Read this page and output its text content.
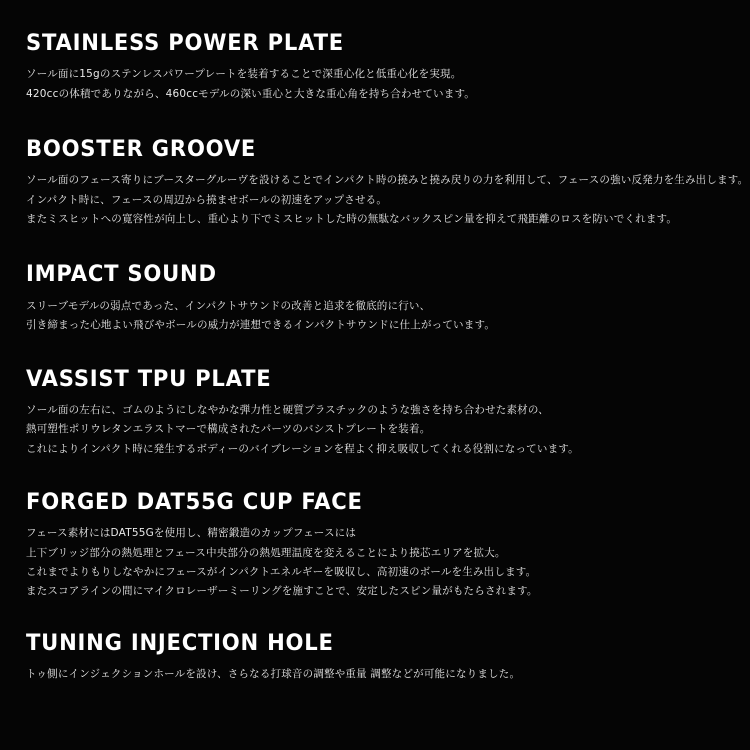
STAINLESS POWER PLATE
ソール面に15gのステンレスパワープレートを装着することで深重心化と低重心化を実現。
420ccの体積でありながら、460ccモデルの深い重心と大きな重心角を持ち合わせています。
BOOSTER GROOVE
ソール面のフェース寄りにブースターグルーヴを設けることでインパクト時の撓みと撓み戻りの力を利用して、フェースの強い反発力を生み出します。
インパクト時に、フェースの周辺から撓ませボールの初速をアップさせる。
またミスヒットへの寛容性が向上し、重心より下でミスヒットした時の無駄なバックスピン量を抑えて飛距離のロスを防いでくれます。
IMPACT SOUND
スリーブモデルの弱点であった、インパクトサウンドの改善と追求を徹底的に行い、
引き締まった心地よい飛びやボールの威力が連想できるインパクトサウンドに仕上がっています。
VASSIST TPU PLATE
ソール面の左右に、ゴムのようにしなやかな弾力性と硬質プラスチックのような強さを持ち合わせた素材の、
熱可塑性ポリウレタンエラストマーで構成されたパーツのバシストプレートを装着。
これによりインパクト時に発生するボディーのバイブレーションを程よく抑え吸収してくれる役割になっています。
FORGED DAT55G CUP FACE
フェース素材にはDAT55Gを使用し、精密鍛造のカップフェースには
上下ブリッジ部分の熱処理とフェース中央部分の熱処理温度を変えることにより撓芯エリアを拡大。
これまでよりもりしなやかにフェースがインパクトエネルギーを吸収し、高初速のボールを生み出します。
またスコアラインの間にマイクロレーザーミーリングを施すことで、安定したスピン量がもたらされます。
TUNING INJECTION HOLE
トゥ側にインジェクションホールを設け、さらなる打球音の調整や重量 調整などが可能になりました。
